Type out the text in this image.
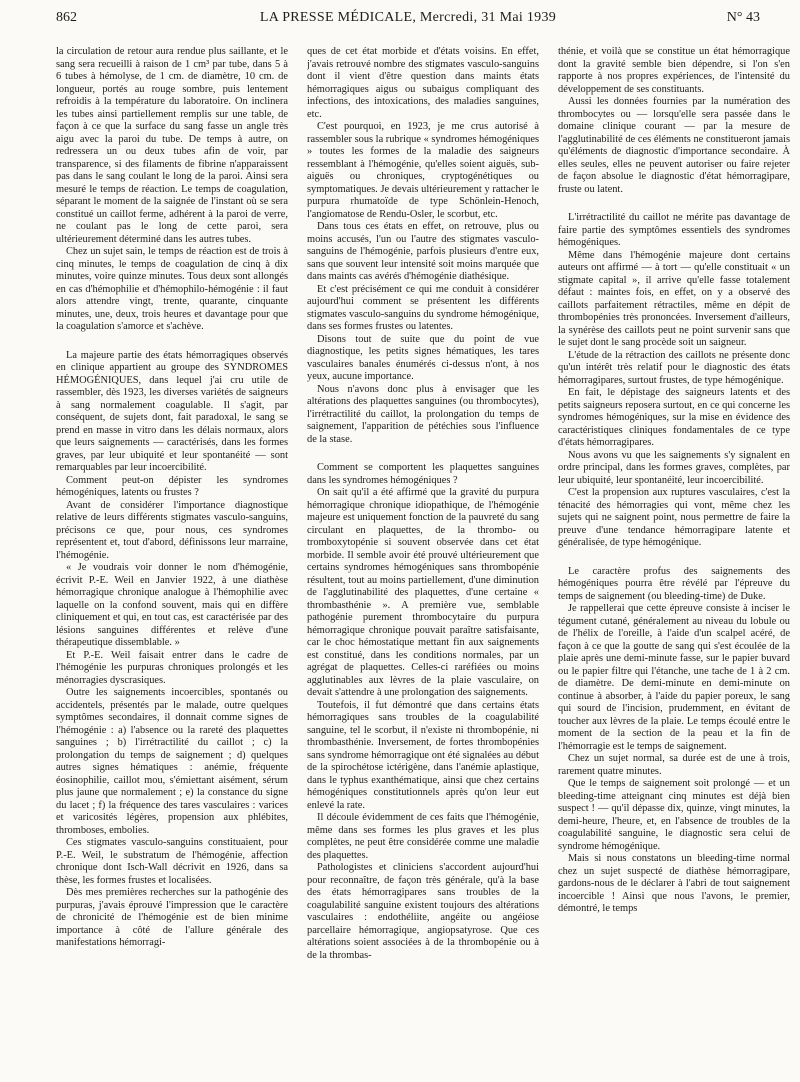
862	LA PRESSE MÉDICALE, Mercredi, 31 Mai 1939	N° 43

la circulation de retour aura rendue plus saillante, et le sang sera recueilli à raison de 1 cm³ par tube, dans 5 à 6 tubes à hémolyse, de 1 cm. de diamètre, 10 cm. de longueur, portés au rouge sombre, puis lentement refroidis à la température du laboratoire. On inclinera les tubes ainsi partiellement remplis sur une table, de façon à ce que la surface du sang fasse un angle très aigu avec la paroi du tube. De temps à autre, on redressera un ou deux tubes afin de voir, par transparence, si des filaments de fibrine n'apparaissent pas dans le sang coulant le long de la paroi. Ainsi sera mesuré le temps de réaction. Le temps de coagulation, séparant le moment de la saignée de l'instant où se sera constitué un caillot ferme, adhérent à la paroi de verre, ne coulant pas le long de cette paroi, sera ultérieurement déterminé dans les autres tubes.

Chez un sujet sain, le temps de réaction est de trois à cinq minutes, le temps de coagulation de cinq à dix minutes, voire quinze minutes. Tous deux sont allongés en cas d'hémophilie et d'hémophilo-hémogénie : il faut alors attendre vingt, trente, quarante, cinquante minutes, une, deux, trois heures et davantage pour que la coagulation s'amorce et s'achève.

La majeure partie des états hémorragiques observés en clinique appartient au groupe des SYNDROMES HÉMOGÉNIQUES, dans lequel j'ai cru utile de rassembler, dès 1923, les diverses variétés de saigneurs à sang normalement coagulable. Il s'agit, par conséquent, de sujets dont, fait paradoxal, le sang se prend en masse in vitro dans les délais normaux, alors que leurs saignements — caractérisés, dans les formes graves, par leur ubiquité et leur spontanéité — sont remarquables par leur incoercibilité.

Comment peut-on dépister les syndromes hémogéniques, latents ou frustes ?

Avant de considérer l'importance diagnostique relative de leurs différents stigmates vasculo-sanguins, précisons ce que, pour nous, ces syndromes représentent et, tout d'abord, définissons leur marraine, l'hémogénie.

« Je voudrais voir donner le nom d'hémogénie, écrivit P.-E. Weil en Janvier 1922, à une diathèse hémorragique chronique analogue à l'hémophilie avec laquelle on la confond souvent, mais qui en diffère cliniquement et qui, en tout cas, est caractérisée par des lésions sanguines différentes et relève d'une thérapeutique dissemblable. »

Et P.-E. Weil faisait entrer dans le cadre de l'hémogénie les purpuras chroniques prolongés et les ménorragies dyscrasiques.

Outre les saignements incoercibles, spontanés ou accidentels, présentés par le malade, outre quelques symptômes secondaires, il donnait comme signes de l'hémogénie : a) l'absence ou la rareté des plaquettes sanguines ; b) l'irrétractilité du caillot ; c) la prolongation du temps de saignement ; d) quelques autres signes hématiques : anémie, fréquente éosinophilie, caillot mou, s'émiettant aisément, sérum plus jaune que normalement ; e) la constance du signe du lacet ; f) la fréquence des tares vasculaires : varices et varicosités légères, propension aux phlébites, thromboses, embolies.

Ces stigmates vasculo-sanguins constituaient, pour P.-E. Weil, le substratum de l'hémogénie, affection chronique dont Isch-Wall décrivit en 1926, dans sa thèse, les formes frustes et localisées.

Dès mes premières recherches sur la pathogénie des purpuras, j'avais éprouvé l'impression que le caractère de chronicité de l'hémogénie est de bien minime importance à côté de l'allure générale des manifestations hémorragi-

ques de cet état morbide et d'états voisins. En effet, j'avais retrouvé nombre des stigmates vasculo-sanguins dont il vient d'être question dans maints états hémorragiques aigus ou subaigus compliquant des infections, des intoxications, des maladies sanguines, etc.

C'est pourquoi, en 1923, je me crus autorisé à rassembler sous la rubrique « syndromes hémogéniques » toutes les formes de la maladie des saigneurs ressemblant à l'hémogénie, qu'elles soient aiguës, sub-aiguës ou chroniques, cryptogénétiques ou symptomatiques. Je devais ultérieurement y rattacher le purpura rhumatoïde de type Schönlein-Henoch, l'angiomatose de Rendu-Osler, le scorbut, etc.

Dans tous ces états en effet, on retrouve, plus ou moins accusés, l'un ou l'autre des stigmates vasculo-sanguins de l'hémogénie, parfois plusieurs d'entre eux, sans que souvent leur intensité soit moins marquée que dans maints cas avérés d'hémogénie diathésique.

Et c'est précisément ce qui me conduit à considérer aujourd'hui comment se présentent les différents stigmates vasculo-sanguins du syndrome hémogénique, dans ses formes frustes ou latentes.

Disons tout de suite que du point de vue diagnostique, les petits signes hématiques, les tares vasculaires banales énumérés ci-dessus n'ont, à nos yeux, aucune importance.

Nous n'avons donc plus à envisager que les altérations des plaquettes sanguines (ou thrombocytes), l'irrétractilité du caillot, la prolongation du temps de saignement, l'apparition de pétéchies sous l'influence de la stase.

Comment se comportent les plaquettes sanguines dans les syndromes hémogéniques ?

On sait qu'il a été affirmé que la gravité du purpura hémorragique chronique idiopathique, de l'hémogénie majeure est uniquement fonction de la pauvreté du sang circulant en plaquettes, de la thrombo- ou tromboxytopénie si souvent observée dans cet état morbide. Il semble avoir été prouvé ultérieurement que certains syndromes hémogéniques sans thrombopénie résultent, tout au moins partiellement, d'une diminution de l'agglutinabilité des plaquettes, d'une certaine « thrombasthénie ». A première vue, semblable pathogénie purement thrombocytaire du purpura hémorragique chronique pouvait paraître satisfaisante, car le choc hémostatique mettant fin aux saignements est constitué, dans les conditions normales, par un agrégat de plaquettes. Celles-ci raréfiées ou moins agglutinables aux lèvres de la plaie vasculaire, on devait s'attendre à une prolongation des saignements.

Toutefois, il fut démontré que dans certains états hémorragiques sans troubles de la coagulabilité sanguine, tel le scorbut, il n'existe ni thrombopénie, ni thrombasthénie. Inversement, de fortes thrombopénies sans syndrome hémorragique ont été signalées au début de la spirochétose ictérigène, dans l'anémie aplastique, dans le typhus exanthématique, ainsi que chez certains hémogéniques constitutionnels après qu'on leur eut enlevé la rate.

Il découle évidemment de ces faits que l'hémogénie, même dans ses formes les plus graves et les plus complètes, ne peut être considérée comme une maladie des plaquettes.

Pathologistes et cliniciens s'accordent aujourd'hui pour reconnaître, de façon très générale, qu'à la base des états hémorragipares sans troubles de la coagulabilité sanguine existent toujours des altérations vasculaires : endothéliite, angéite ou angéiose parcellaire hémorragique, angiopsatyrose. Que ces altérations soient associées à de la thrombopénie ou à de la thrombas-

thénie, et voilà que se constitue un état hémorragique dont la gravité semble bien dépendre, si l'on s'en rapporte à nos propres expériences, de l'intensité du développement de ses constituants.

Aussi les données fournies par la numération des thrombocytes ou — lorsqu'elle sera passée dans le domaine clinique courant — par la mesure de l'agglutinabilité de ces éléments ne constitueront jamais qu'éléments de diagnostic d'importance secondaire. À elles seules, elles ne peuvent autoriser ou faire rejeter de façon absolue le diagnostic d'état hémorragipare, fruste ou latent.

L'irrétractilité du caillot ne mérite pas davantage de faire partie des symptômes essentiels des syndromes hémogéniques.

Même dans l'hémogénie majeure dont certains auteurs ont affirmé — à tort — qu'elle constituait « un stigmate capital », il arrive qu'elle fasse totalement défaut : maintes fois, en effet, on y a observé des caillots parfaitement rétractiles, même en dépit de thrombopénies très prononcées. Inversement d'ailleurs, la synérèse des caillots peut ne point survenir sans que le sujet dont le sang procède soit un saigneur.

L'étude de la rétraction des caillots ne présente donc qu'un intérêt très relatif pour le diagnostic des états hémorragipares, surtout frustes, de type hémogénique.

En fait, le dépistage des saigneurs latents et des petits saigneurs reposera surtout, en ce qui concerne les syndromes hémogéniques, sur la mise en évidence des caractéristiques cliniques fondamentales de ce type d'états hémorragipares.

Nous avons vu que les saignements s'y signalent en ordre principal, dans les formes graves, complètes, par leur ubiquité, leur spontanéité, leur incoercibilité.

C'est la propension aux ruptures vasculaires, c'est la ténacité des hémorragies qui vont, même chez les sujets qui ne saignent point, nous permettre de faire la preuve d'une tendance hémorragipare latente et généralisée, de type hémogénique.

Le caractère profus des saignements des hémogéniques pourra être révélé par l'épreuve du temps de saignement (ou bleeding-time) de Duke.

Je rappellerai que cette épreuve consiste à inciser le tégument cutané, généralement au niveau du lobule ou de l'hélix de l'oreille, à l'aide d'un scalpel acéré, de façon à ce que la goutte de sang qui s'est écoulée de la plaie après une demi-minute fasse, sur le papier buvard ou le papier filtre qui l'étanche, une tache de 1 à 2 cm. de diamètre. De demi-minute en demi-minute on continue à absorber, à l'aide du papier poreux, le sang qui sourd de l'incision, prudemment, en évitant de toucher aux lèvres de la plaie. Le temps écoulé entre le moment de la section de la peau et la fin de l'hémorragie est le temps de saignement.

Chez un sujet normal, sa durée est de une à trois, rarement quatre minutes.

Que le temps de saignement soit prolongé — et un bleeding-time atteignant cinq minutes est déjà bien suspect ! — qu'il dépasse dix, quinze, vingt minutes, la demi-heure, l'heure, et, en l'absence de troubles de la coagulabilité sanguine, le diagnostic sera celui de syndrome hémogénique.

Mais si nous constatons un bleeding-time normal chez un sujet suspecté de diathèse hémorragipare, gardons-nous de le déclarer à l'abri de tout saignement incoercible ! Ainsi que nous l'avons, le premier, démontré, le temps
